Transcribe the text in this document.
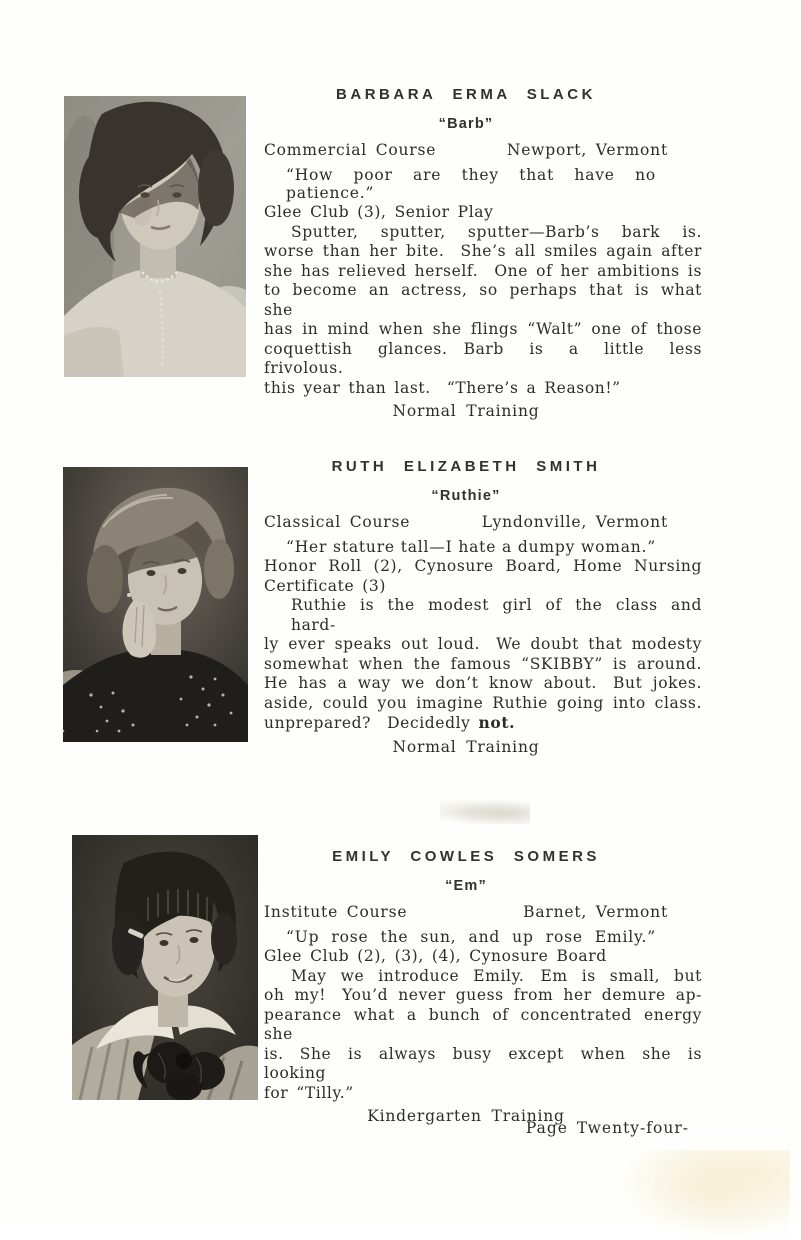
BARBARA ERMA SLACK
“Barb”
Commercial Course	Newport, Vermont
“How poor are they that have no patience.”
Glee Club (3), Senior Play
Sputter, sputter, sputter—Barb’s bark is.
worse than her bite. She’s all smiles again after
she has relieved herself. One of her ambitions is
to become an actress, so perhaps that is what she
has in mind when she flings “Walt” one of those
coquettish glances. Barb is a little less frivolous.
this year than last. “There’s a Reason!”
Normal Training
RUTH ELIZABETH SMITH
“Ruthie”
Classical Course	Lyndonville, Vermont
“Her stature tall—I hate a dumpy woman.”
Honor Roll (2), Cynosure Board, Home Nursing
Certificate (3)
Ruthie is the modest girl of the class and hard-
ly ever speaks out loud. We doubt that modesty
somewhat when the famous “SKIBBY” is around.
He has a way we don’t know about. But jokes.
aside, could you imagine Ruthie going into class.
unprepared? Decidedly not.
Normal Training
EMILY COWLES SOMERS
“Em”
Institute Course	Barnet, Vermont
“Up rose the sun, and up rose Emily.”
Glee Club (2), (3), (4), Cynosure Board
May we introduce Emily. Em is small, but
oh my! You’d never guess from her demure ap-
pearance what a bunch of concentrated energy she
is. She is always busy except when she is looking
for “Tilly.”
Kindergarten Training
Page Twenty-four-
